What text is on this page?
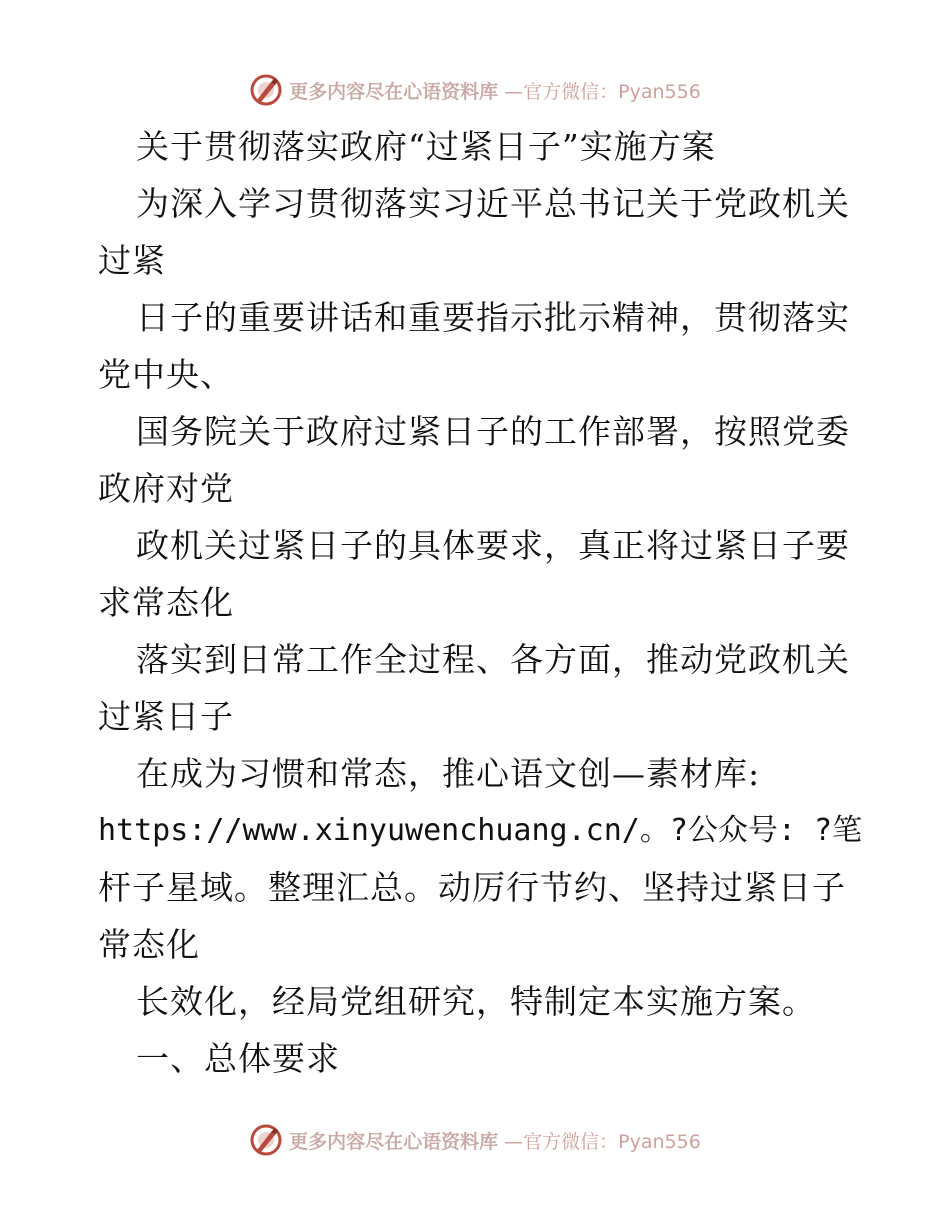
更多内容尽在心语资料库 —官方微信：Pyan556
关于贯彻落实政府“过紧日子”实施方案
为深入学习贯彻落实习近平总书记关于党政机关
过紧
日子的重要讲话和重要指示批示精神，贯彻落实
党中央、
国务院关于政府过紧日子的工作部署，按照党委
政府对党
政机关过紧日子的具体要求，真正将过紧日子要
求常态化
落实到日常工作全过程、各方面，推动党政机关
过紧日子
在成为习惯和常态，推心语文创—素材库:
https://www.xinyuwenchuang.cn/。?公众号: ?笔
杆子星域。整理汇总。动厉行节约、坚持过紧日子
常态化
长效化，经局党组研究，特制定本实施方案。
一、总体要求
更多内容尽在心语资料库 —官方微信：Pyan556
